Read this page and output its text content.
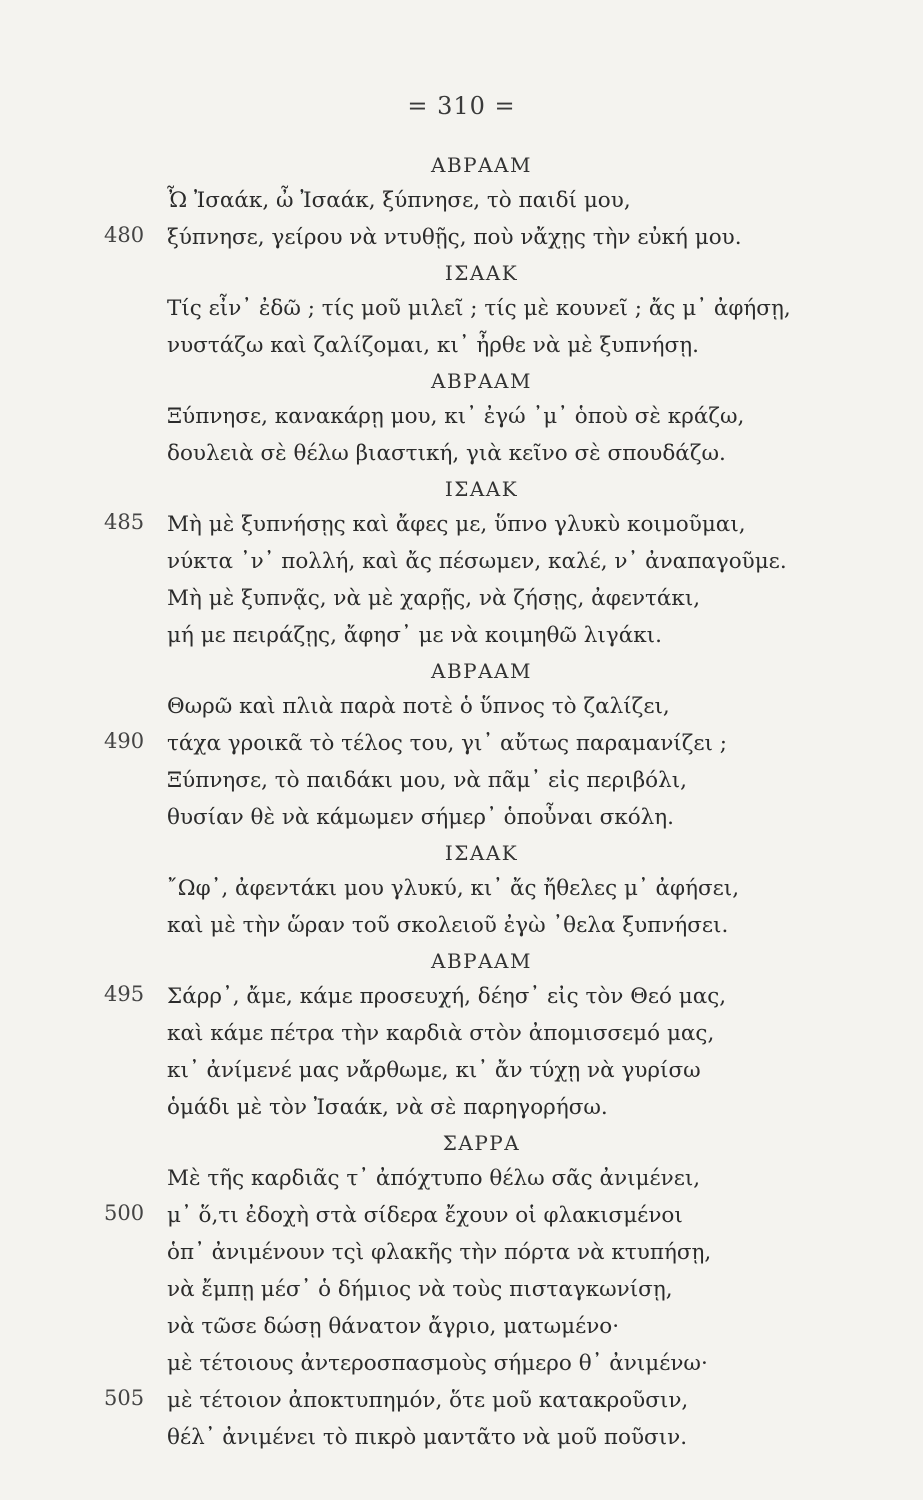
= 310 =
ΑΒΡΑΑΜ
Ὦ Ἰσαάκ, ὦ Ἰσαάκ, ξύπνησε, τὸ παιδί μου,
480 ξύπνησε, γείρου νὰ ντυθῇς, ποὺ νἄχῃς τὴν εὐκή μου.
ΙΣΑΑΚ
Τίς εἶν᾽ ἐδῶ ; τίς μοῦ μιλεῖ ; τίς μὲ κουνεῖ ; ἄς μ᾽ ἀφήσῃ,
νυστάζω καὶ ζαλίζομαι, κι᾽ ἦρθε νὰ μὲ ξυπνήσῃ.
ΑΒΡΑΑΜ
Ξύπνησε, κανακάρῃ μου, κι᾽ ἐγώ ᾽μ᾽ ὁποὺ σὲ κράζω,
δουλειὰ σὲ θέλω βιαστική, γιὰ κεῖνο σὲ σπουδάζω.
ΙΣΑΑΚ
485 Μὴ μὲ ξυπνήσῃς καὶ ἄφες με, ὕπνο γλυκὺ κοιμοῦμαι,
νύκτα ᾽ν᾽ πολλή, καὶ ἄς πέσωμεν, καλέ, ν᾽ ἀναπαγοῦμε.
Μὴ μὲ ξυπνᾷς, νὰ μὲ χαρῇς, νὰ ζήσῃς, ἀφεντάκι,
μή με πειράζῃς, ἄφησ᾽ με νὰ κοιμηθῶ λιγάκι.
ΑΒΡΑΑΜ
Θωρῶ καὶ πλιὰ παρὰ ποτὲ ὁ ὕπνος τὸ ζαλίζει,
490 τάχα γροικᾶ τὸ τέλος του, γι᾽ αὔτως παραμανίζει ;
Ξύπνησε, τὸ παιδάκι μου, νὰ πᾶμ᾽ εἰς περιβόλι,
θυσίαν θὲ νὰ κάμωμεν σήμερ᾽ ὁποὖναι σκόλη.
ΙΣΑΑΚ
῎Ωφ᾽, ἀφεντάκι μου γλυκύ, κι᾽ ἄς ἤθελες μ᾽ ἀφήσει,
καὶ μὲ τὴν ὥραν τοῦ σκολειοῦ ἐγὼ ᾽θελα ξυπνήσει.
ΑΒΡΑΑΜ
495 Σάρρ᾽, ἄμε, κάμε προσευχή, δέησ᾽ εἰς τὸν Θεό μας,
καὶ κάμε πέτρα τὴν καρδιὰ στὸν ἀπομισσεμό μας,
κι᾽ ἀνίμενέ μας νἄρθωμε, κι᾽ ἄν τύχῃ νὰ γυρίσω
ὁμάδι μὲ τὸν Ἰσαάκ, νὰ σὲ παρηγορήσω.
ΣΑΡΡΑ
Μὲ τῆς καρδιᾶς τ᾽ ἀπόχτυπο θέλω σᾶς ἀνιμένει,
500 μ᾽ ὅ,τι ἐδοχὴ στὰ σίδερα ἔχουν οἱ φλακισμένοι
ὁπ᾽ ἀνιμένουν τςὶ φλακῆς τὴν πόρτα νὰ κτυπήσῃ,
νὰ ἔμπῃ μέσ᾽ ὁ δήμιος νὰ τοὺς πισταγκωνίσῃ,
νὰ τῶσε δώσῃ θάνατον ἄγριο, ματωμένο·
μὲ τέτοιους ἀντεροσπασμοὺς σήμερο θ᾽ ἀνιμένω·
505 μὲ τέτοιον ἀποκτυπημόν, ὅτε μοῦ κατακροῦσιν,
θέλ᾽ ἀνιμένει τὸ πικρὸ μαντᾶτο νὰ μοῦ ποῦσιν.
